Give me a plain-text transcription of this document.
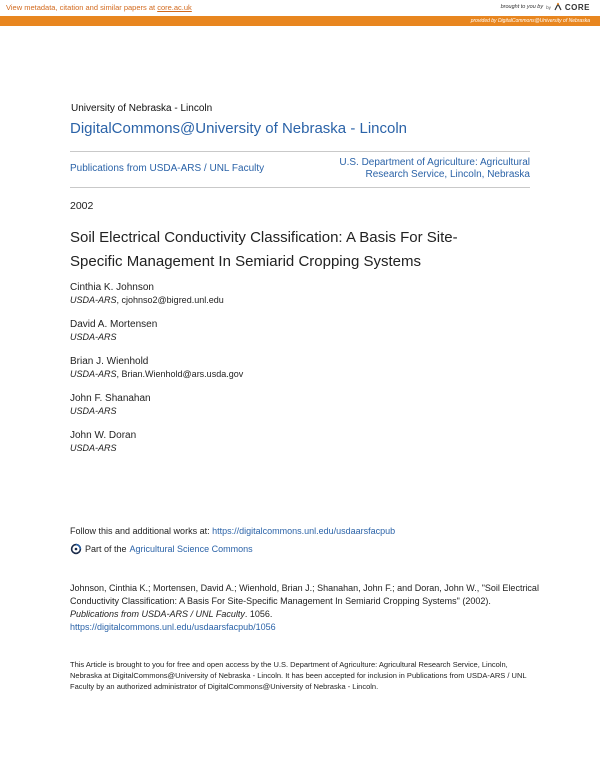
View metadata, citation and similar papers at core.ac.uk	brought to you by by CORE
provided by DigitalCommons@University of Nebraska
University of Nebraska - Lincoln
DigitalCommons@University of Nebraska - Lincoln
Publications from USDA-ARS / UNL Faculty
U.S. Department of Agriculture: Agricultural
Research Service, Lincoln, Nebraska
2002
Soil Electrical Conductivity Classification: A Basis For Site-Specific Management In Semiarid Cropping Systems
Cinthia K. Johnson
USDA-ARS, cjohnso2@bigred.unl.edu
David A. Mortensen
USDA-ARS
Brian J. Wienhold
USDA-ARS, Brian.Wienhold@ars.usda.gov
John F. Shanahan
USDA-ARS
John W. Doran
USDA-ARS
Follow this and additional works at: https://digitalcommons.unl.edu/usdaarsfacpub
Part of the Agricultural Science Commons
Johnson, Cinthia K.; Mortensen, David A.; Wienhold, Brian J.; Shanahan, John F.; and Doran, John W., "Soil Electrical Conductivity Classification: A Basis For Site-Specific Management In Semiarid Cropping Systems" (2002). Publications from USDA-ARS / UNL Faculty. 1056.
https://digitalcommons.unl.edu/usdaarsfacpub/1056
This Article is brought to you for free and open access by the U.S. Department of Agriculture: Agricultural Research Service, Lincoln, Nebraska at DigitalCommons@University of Nebraska - Lincoln. It has been accepted for inclusion in Publications from USDA-ARS / UNL Faculty by an authorized administrator of DigitalCommons@University of Nebraska - Lincoln.
